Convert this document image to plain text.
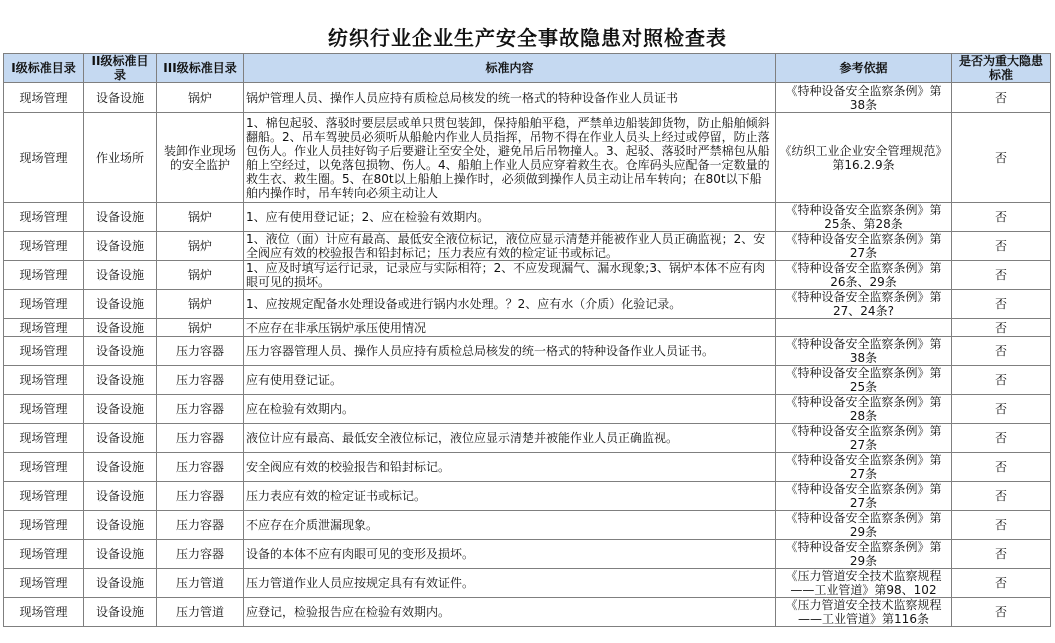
纺织行业企业生产安全事故隐患对照检查表
I级标准目录	II级标准目录	III级标准目录	标准内容	参考依据	是否为重大隐患标准
现场管理	设备设施	锅炉	锅炉管理人员、操作人员应持有质检总局核发的统一格式的特种设备作业人员证书	《特种设备安全监察条例》第38条	否

现场管理	作业场所	装卸作业现场的安全监护	1、棉包起驳、落驳时要层层或单只贯包装卸，保持船舶平稳，严禁单边船装卸货物，防止船舶倾斜翻船。2、吊车驾驶员必须听从船舱内作业人员指挥，吊物不得在作业人员头上经过或停留，防止落包伤人。作业人员挂好钩子后要避让至安全处，避免吊后吊物撞人。3、起驳、落驳时严禁棉包从船舶上空经过，以免落包损物、伤人。4、船舶上作业人员应穿着救生衣。仓库码头应配备一定数量的救生衣、救生圈。5、在80t以上船舶上操作时，必须做到操作人员主动让吊车转向；在80t以下船舶内操作时，吊车转向必须主动让人	《纺织工业企业安全管理规范》第16.2.9条	否

现场管理	设备设施	锅炉	1、应有使用登记证；2、应在检验有效期内。	《特种设备安全监察条例》第25条、第28条	否
现场管理	设备设施	锅炉	1、液位（面）计应有最高、最低安全液位标记，液位应显示清楚并能被作业人员正确监视；2、安全阀应有效的校验报告和铅封标记；压力表应有效的检定证书或标记。	《特种设备安全监察条例》第27条	否
现场管理	设备设施	锅炉	1、应及时填写运行记录，记录应与实际相符；2、不应发现漏气、漏水现象;3、锅炉本体不应有肉眼可见的损坏。	《特种设备安全监察条例》第26条、29条	否
现场管理	设备设施	锅炉	1、应按规定配备水处理设备或进行锅内水处理。？2、应有水（介质）化验记录。	《特种设备安全监察条例》第27、24条?	否
现场管理	设备设施	锅炉	不应存在非承压锅炉承压使用情况		否
现场管理	设备设施	压力容器	压力容器管理人员、操作人员应持有质检总局核发的统一格式的特种设备作业人员证书。	《特种设备安全监察条例》第38条	否
现场管理	设备设施	压力容器	应有使用登记证。	《特种设备安全监察条例》第25条	否
现场管理	设备设施	压力容器	应在检验有效期内。	《特种设备安全监察条例》第28条	否
现场管理	设备设施	压力容器	液位计应有最高、最低安全液位标记，液位应显示清楚并被能作业人员正确监视。	《特种设备安全监察条例》第27条	否
现场管理	设备设施	压力容器	安全阀应有效的校验报告和铅封标记。	《特种设备安全监察条例》第27条	否
现场管理	设备设施	压力容器	压力表应有效的检定证书或标记。	《特种设备安全监察条例》第27条	否
现场管理	设备设施	压力容器	不应存在介质泄漏现象。	《特种设备安全监察条例》第29条	否
现场管理	设备设施	压力容器	设备的本体不应有肉眼可见的变形及损坏。	《特种设备安全监察条例》第29条	否
现场管理	设备设施	压力管道	压力管道作业人员应按规定具有有效证件。	《压力管道安全技术监察规程——工业管道》第98、102	否
现场管理	设备设施	压力管道	应登记，检验报告应在检验有效期内。	《压力管道安全技术监察规程——工业管道》第116条	否
